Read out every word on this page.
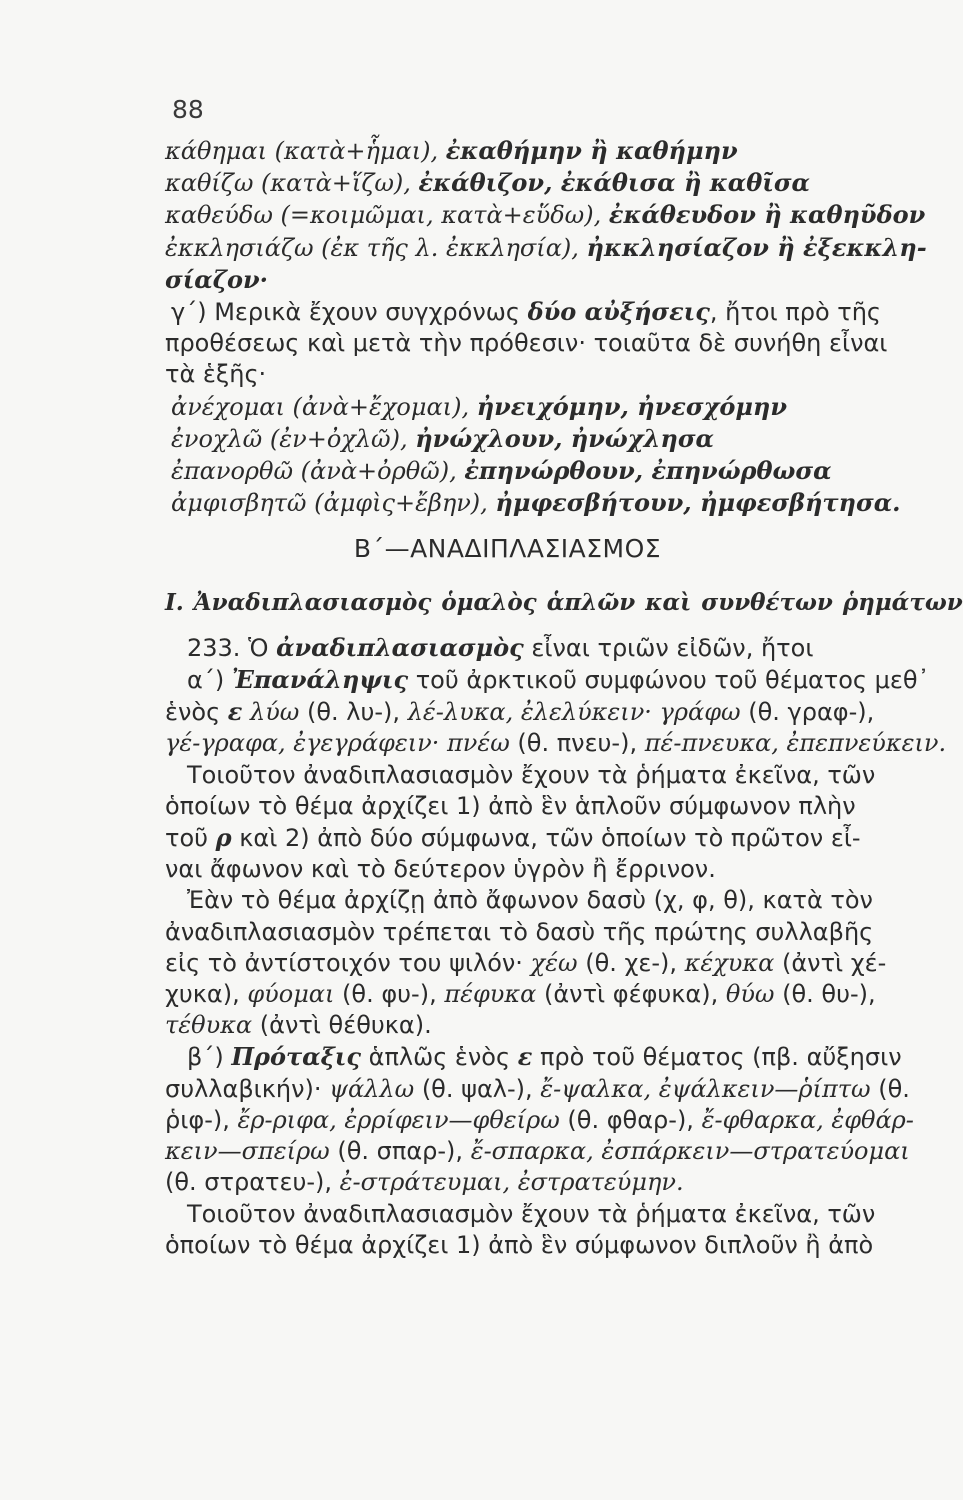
88
κάθημαι (κατὰ+ἧμαι), ἐκαθήμην ἢ καθήμην
καθίζω (κατὰ+ἵζω), ἐκάθιζον, ἐκάθισα ἢ καθῖσα
καθεύδω (=κοιμῶμαι, κατὰ+εὕδω), ἐκάθευδον ἢ καθηῦδον
ἐκκλησιάζω (ἐκ τῆς λ. ἐκκλησία), ἠκκλησίαζον ἢ ἐξεκκλη-
σίαζον·
γ΄) Μερικὰ ἔχουν συγχρόνως δύο αὐξήσεις, ἤτοι πρὸ τῆς
προθέσεως καὶ μετὰ τὴν πρόθεσιν· τοιαῦτα δὲ συνήθη εἶναι
τὰ ἑξῆς·
ἀνέχομαι (ἀνὰ+ἔχομαι), ἠνειχόμην, ἠνεσχόμην
ἐνοχλῶ (ἐν+ὀχλῶ), ἠνώχλουν, ἠνώχλησα
ἐπανορθῶ (ἀνὰ+ὀρθῶ), ἐπηνώρθουν, ἐπηνώρθωσα
ἀμφισβητῶ (ἀμφὶς+ἔβην), ἠμφεσβήτουν, ἠμφεσβήτησα.
Β΄—ΑΝΑΔΙΠΛΑΣΙΑΣΜΟΣ
Ι. Ἀναδιπλασιασμὸς ὁμαλὸς ἁπλῶν καὶ συνθέτων ῥημάτων
233. Ὁ ἀναδιπλασιασμὸς εἶναι τριῶν εἰδῶν, ἤτοι
α΄) Ἐπανάληψις τοῦ ἀρκτικοῦ συμφώνου τοῦ θέματος μεθ᾽
ἑνὸς ε λύω (θ. λυ-), λέ-λυκα, ἐλελύκειν· γράφω (θ. γραφ-),
γέ-γραφα, ἐγεγράφειν· πνέω (θ. πνευ-), πέ-πνευκα, ἐπεπνεύκειν.
Τοιοῦτον ἀναδιπλασιασμὸν ἔχουν τὰ ῥήματα ἐκεῖνα, τῶν
ὁποίων τὸ θέμα ἀρχίζει 1) ἀπὸ ἓν ἁπλοῦν σύμφωνον πλὴν
τοῦ ρ καὶ 2) ἀπὸ δύο σύμφωνα, τῶν ὁποίων τὸ πρῶτον εἶ-
ναι ἄφωνον καὶ τὸ δεύτερον ὑγρὸν ἢ ἔρρινον.
Ἐὰν τὸ θέμα ἀρχίζῃ ἀπὸ ἄφωνον δασὺ (χ, φ, θ), κατὰ τὸν
ἀναδιπλασιασμὸν τρέπεται τὸ δασὺ τῆς πρώτης συλλαβῆς
εἰς τὸ ἀντίστοιχόν του ψιλόν· χέω (θ. χε-), κέχυκα (ἀντὶ χέ-
χυκα), φύομαι (θ. φυ-), πέφυκα (ἀντὶ φέφυκα), θύω (θ. θυ-),
τέθυκα (ἀντὶ θέθυκα).
β΄) Πρόταξις ἁπλῶς ἑνὸς ε πρὸ τοῦ θέματος (πβ. αὔξησιν
συλλαβικήν)· ψάλλω (θ. ψαλ-), ἔ-ψαλκα, ἐψάλκειν—ῥίπτω (θ.
ῥιφ-), ἔρ-ριφα, ἐρρίφειν—φθείρω (θ. φθαρ-), ἔ-φθαρκα, ἐφθάρ-
κειν—σπείρω (θ. σπαρ-), ἔ-σπαρκα, ἐσπάρκειν—στρατεύομαι
(θ. στρατευ-), ἐ-στράτευμαι, ἐστρατεύμην.
Τοιοῦτον ἀναδιπλασιασμὸν ἔχουν τὰ ῥήματα ἐκεῖνα, τῶν
ὁποίων τὸ θέμα ἀρχίζει 1) ἀπὸ ἓν σύμφωνον διπλοῦν ἢ ἀπὸ
